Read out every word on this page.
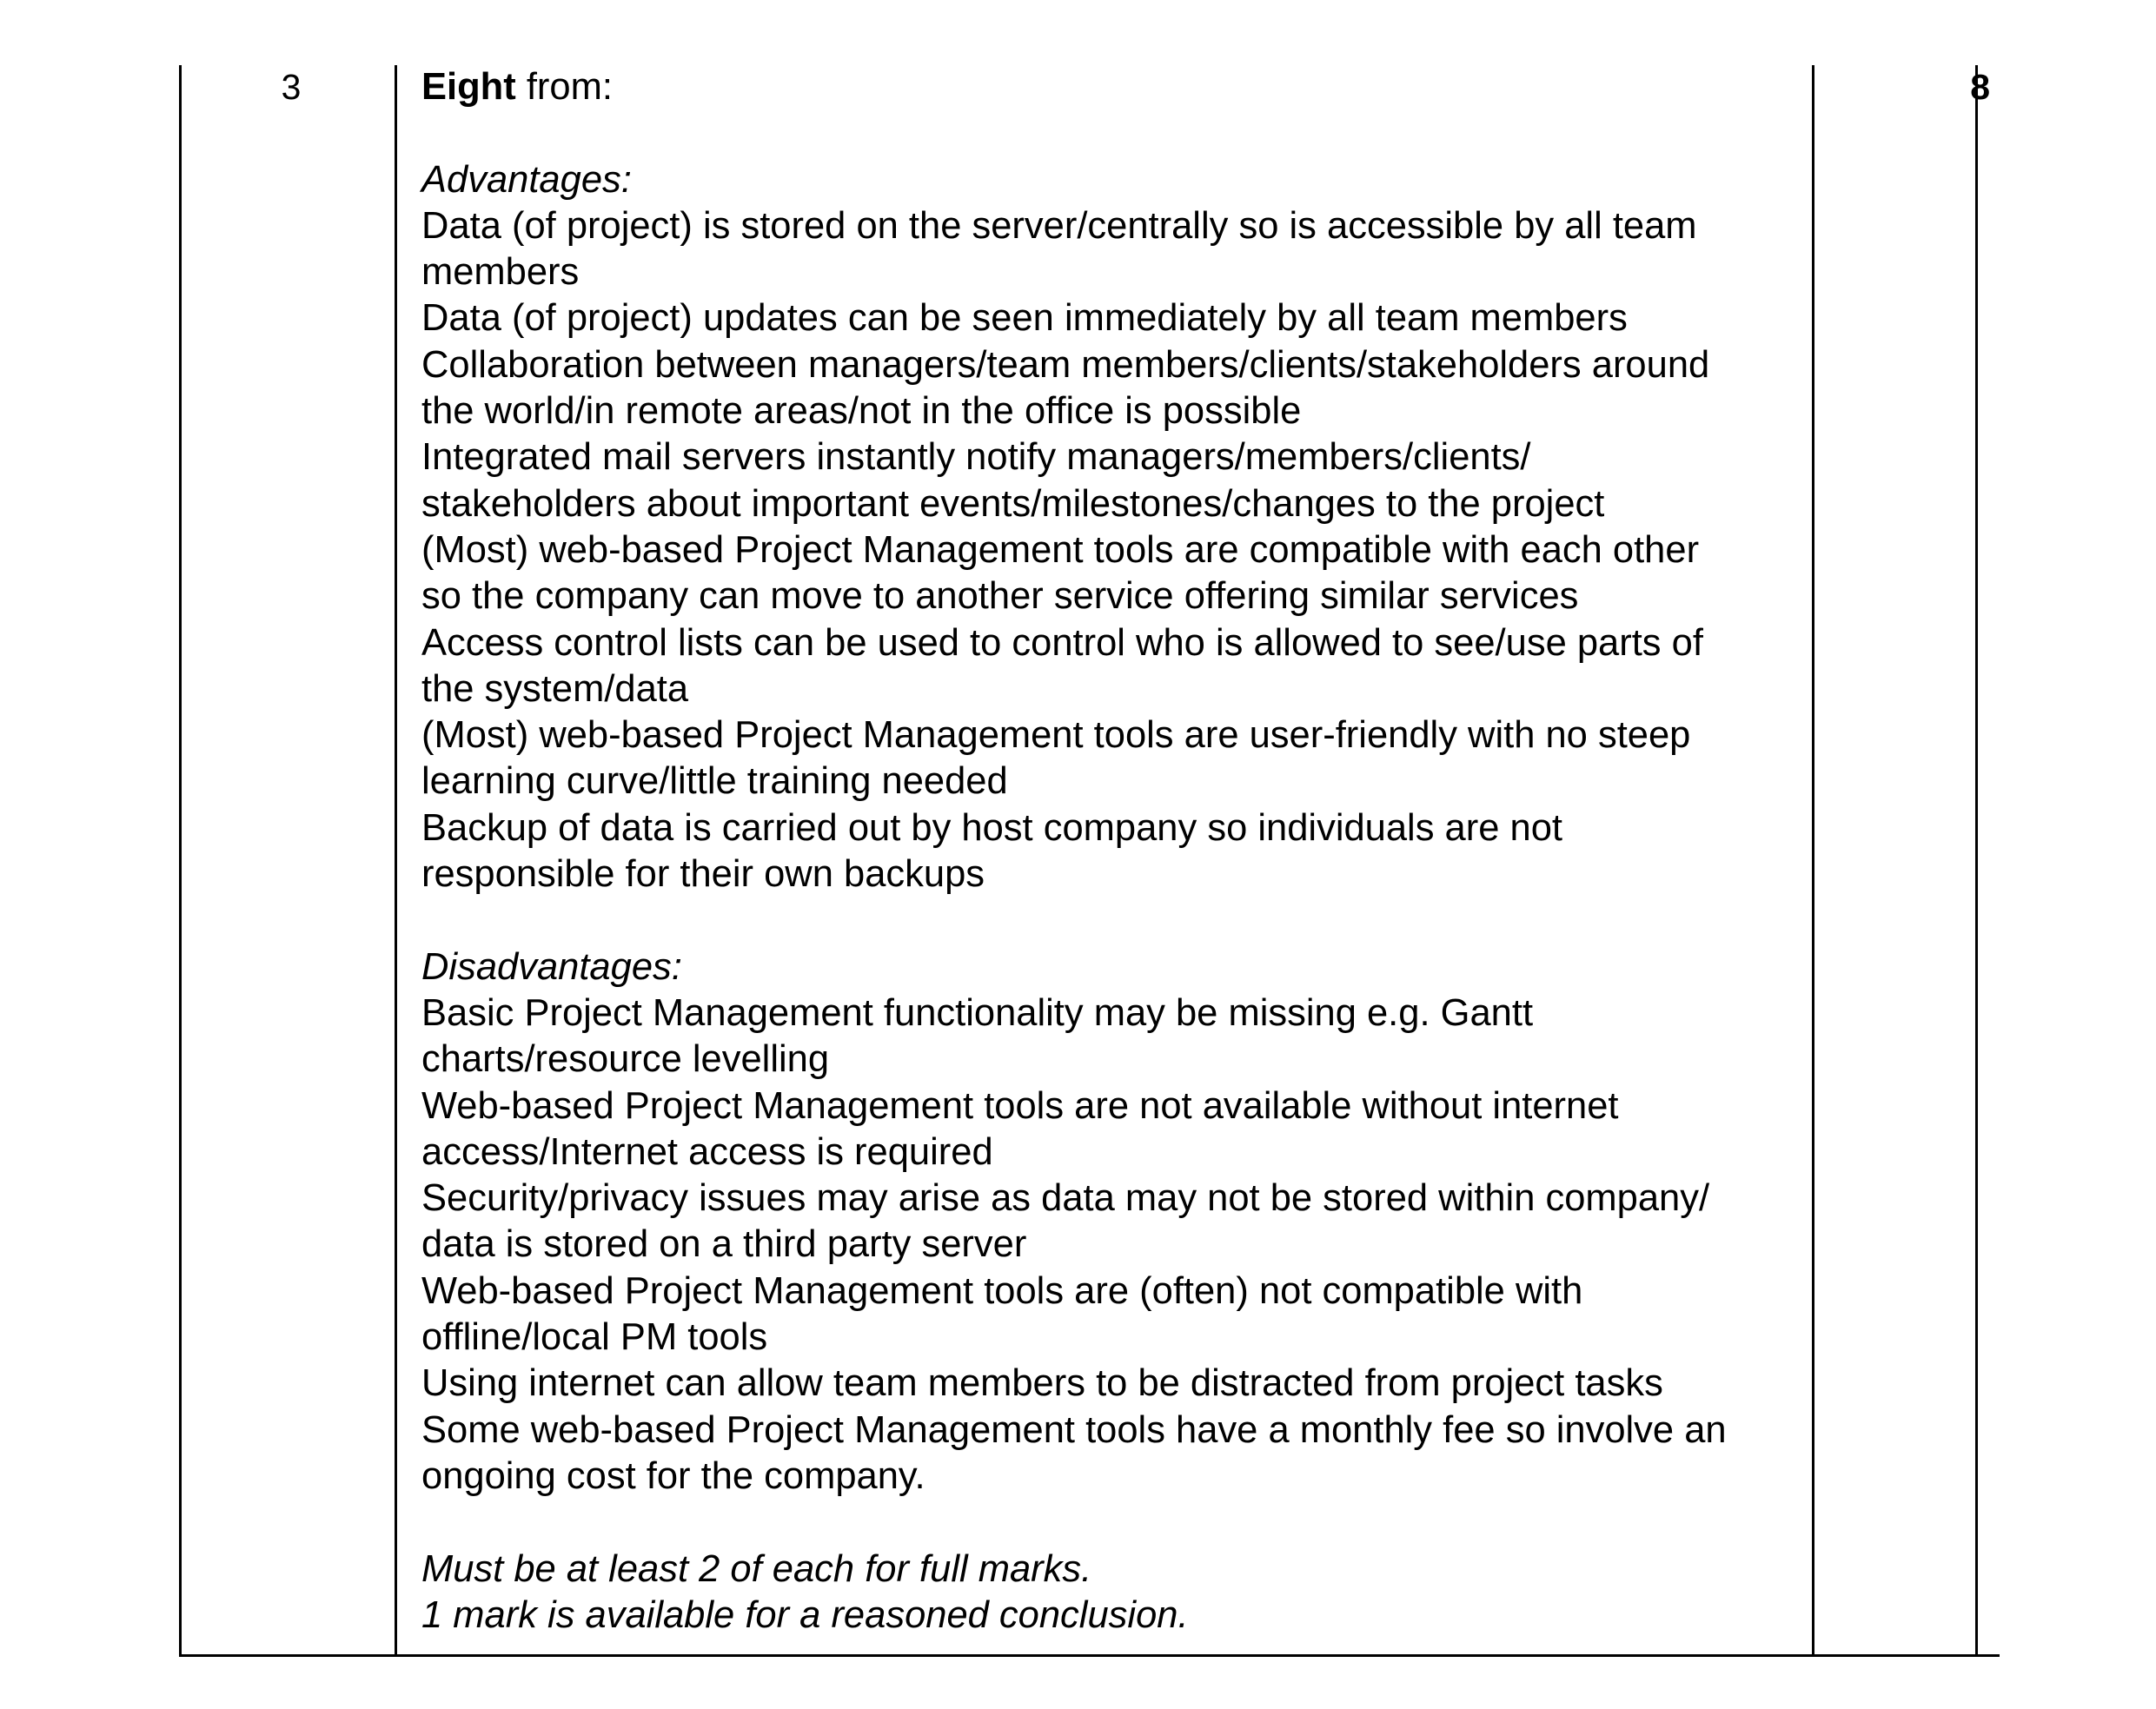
3	8
Eight from:
Advantages:
Data (of project) is stored on the server/centrally so is accessible by all team
members
Data (of project) updates can be seen immediately by all team members
Collaboration between managers/team members/clients/stakeholders around
the world/in remote areas/not in the office is possible
Integrated mail servers instantly notify managers/members/clients/
stakeholders about important events/milestones/changes to the project
(Most) web-based Project Management tools are compatible with each other
so the company can move to another service offering similar services
Access control lists can be used to control who is allowed to see/use parts of
the system/data
(Most) web-based Project Management tools are user-friendly with no steep
learning curve/little training needed
Backup of data is carried out by host company so individuals are not
responsible for their own backups
Disadvantages:
Basic Project Management functionality may be missing e.g. Gantt
charts/resource levelling
Web-based Project Management tools are not available without internet
access/Internet access is required
Security/privacy issues may arise as data may not be stored within company/
data is stored on a third party server
Web-based Project Management tools are (often) not compatible with
offline/local PM tools
Using internet can allow team members to be distracted from project tasks
Some web-based Project Management tools have a monthly fee so involve an
ongoing cost for the company.
Must be at least 2 of each for full marks.
1 mark is available for a reasoned conclusion.
